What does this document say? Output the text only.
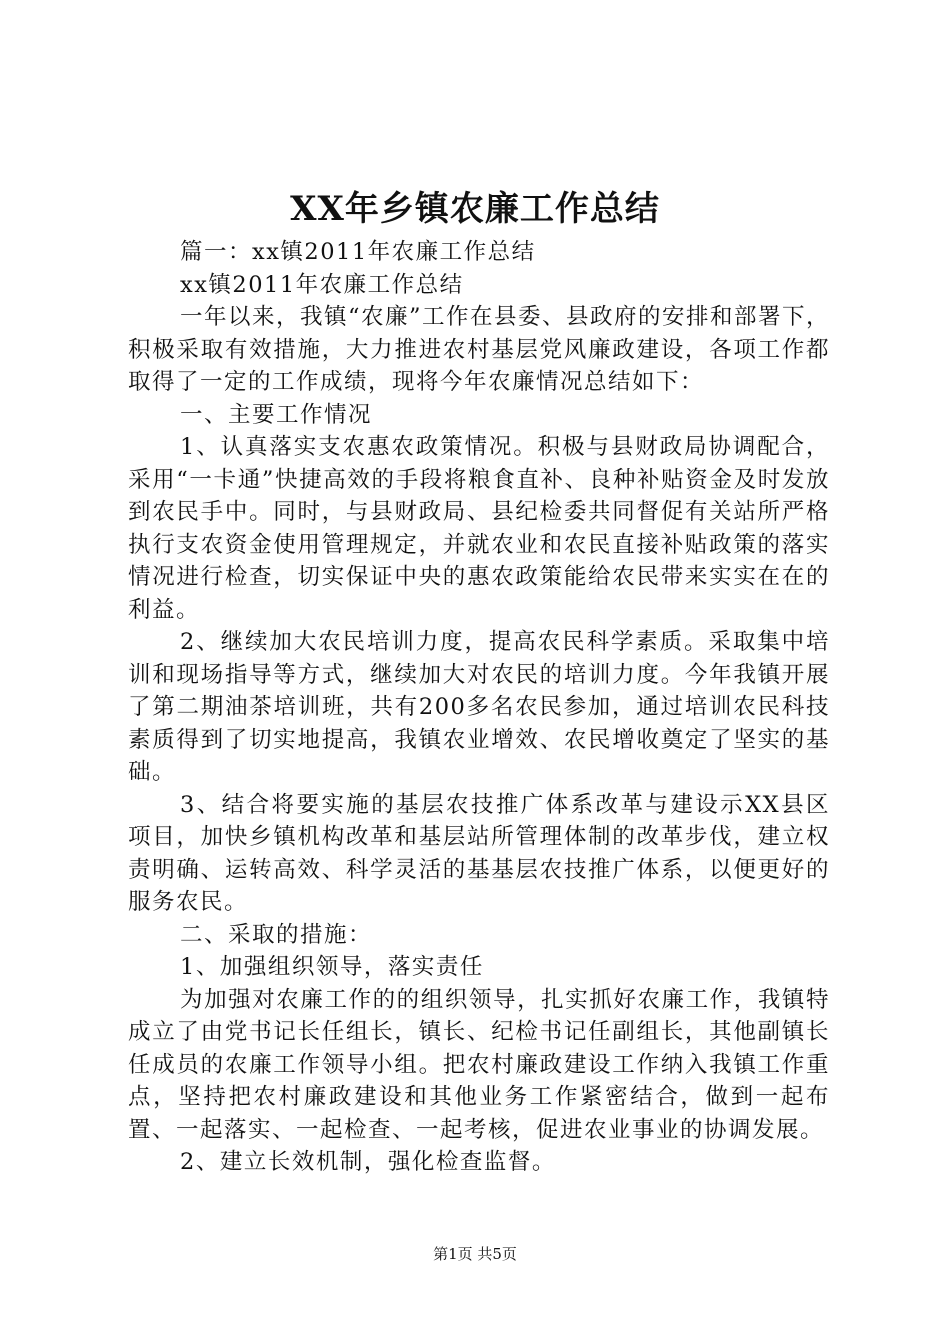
XX年乡镇农廉工作总结

篇一：xx镇2011年农廉工作总结

xx镇2011年农廉工作总结

一年以来，我镇“农廉”工作在县委、县政府的安排和部署下，积极采取有效措施，大力推进农村基层党风廉政建设，各项工作都取得了一定的工作成绩，现将今年农廉情况总结如下：

一、主要工作情况

1、认真落实支农惠农政策情况。积极与县财政局协调配合，采用“一卡通”快捷高效的手段将粮食直补、良种补贴资金及时发放到农民手中。同时，与县财政局、县纪检委共同督促有关站所严格执行支农资金使用管理规定，并就农业和农民直接补贴政策的落实情况进行检查，切实保证中央的惠农政策能给农民带来实实在在的利益。

2、继续加大农民培训力度，提高农民科学素质。采取集中培训和现场指导等方式，继续加大对农民的培训力度。今年我镇开展了第二期油茶培训班，共有200多名农民参加，通过培训农民科技素质得到了切实地提高，我镇农业增效、农民增收奠定了坚实的基础。

3、结合将要实施的基层农技推广体系改革与建设示XX县区项目，加快乡镇机构改革和基层站所管理体制的改革步伐，建立权责明确、运转高效、科学灵活的基基层农技推广体系，以便更好的服务农民。

二、采取的措施：

1、加强组织领导，落实责任

为加强对农廉工作的的组织领导，扎实抓好农廉工作，我镇特成立了由党书记长任组长，镇长、纪检书记任副组长，其他副镇长任成员的农廉工作领导小组。把农村廉政建设工作纳入我镇工作重点，坚持把农村廉政建设和其他业务工作紧密结合，做到一起布置、一起落实、一起检查、一起考核，促进农业事业的协调发展。

2、建立长效机制，强化检查监督。

第1页 共5页
